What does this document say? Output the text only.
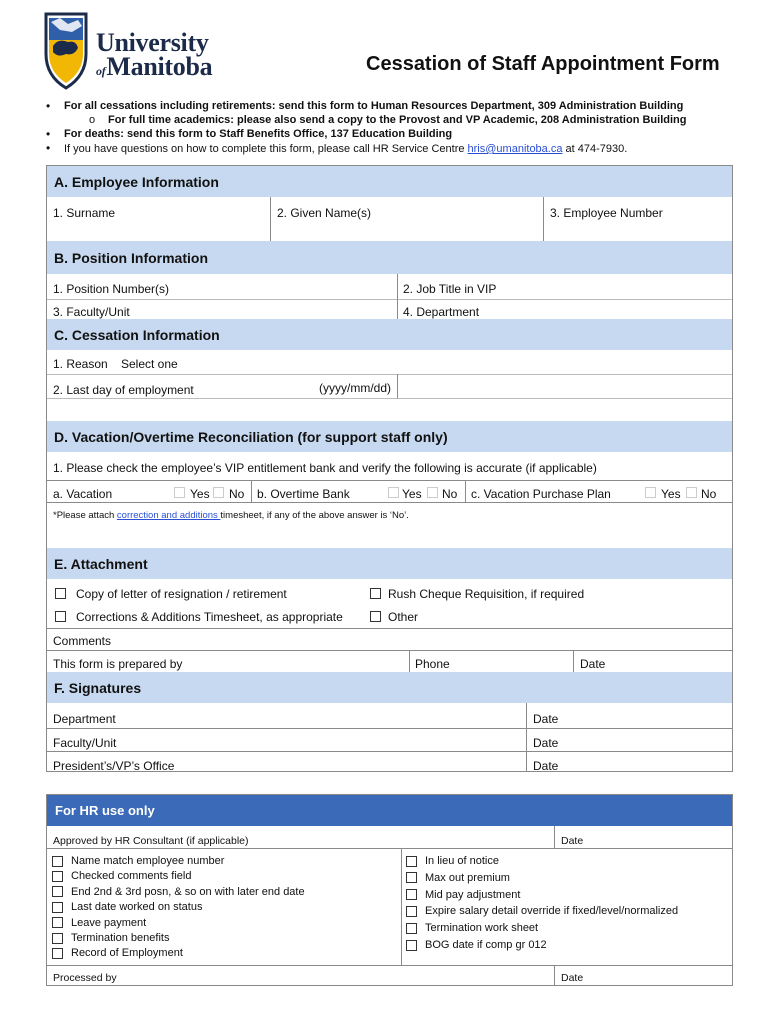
University
ofManitoba	Cessation of Staff Appointment Form
• For all cessations including retirements: send this form to Human Resources Department, 309 Administration Building
o For full time academics: please also send a copy to the Provost and VP Academic, 208 Administration Building
• For deaths: send this form to Staff Benefits Office, 137 Education Building
• If you have questions on how to complete this form, please call HR Service Centre hris@umanitoba.ca at 474-7930.
A. Employee Information
1. Surname	2. Given Name(s)	3. Employee Number
B. Position Information
1. Position Number(s)	2. Job Title in VIP
3. Faculty/Unit	4. Department
C. Cessation Information
1. Reason Select one
2. Last day of employment	(yyyy/mm/dd)
D. Vacation/Overtime Reconciliation (for support staff only)
1. Please check the employee’s VIP entitlement bank and verify the following is accurate (if applicable)
a. Vacation	Yes No b. Overtime Bank	Yes No c. Vacation Purchase Plan	Yes No
*Please attach correction and additions timesheet, if any of the above answer is ‘No’.
E. Attachment
Copy of letter of resignation / retirement	Rush Cheque Requisition, if required
Corrections & Additions Timesheet, as appropriate	Other
Comments
This form is prepared by	Phone	Date
F. Signatures
Department	Date
Faculty/Unit	Date
President’s/VP’s Office	Date
For HR use only
Approved by HR Consultant (if applicable)	Date
Name match employee number
Checked comments field
End 2nd & 3rd posn, & so on with later end date
Last date worked on status
Leave payment
Termination benefits
Record of Employment
In lieu of notice
Max out premium
Mid pay adjustment
Expire salary detail override if fixed/level/normalized
Termination work sheet
BOG date if comp gr 012
Processed by	Date
